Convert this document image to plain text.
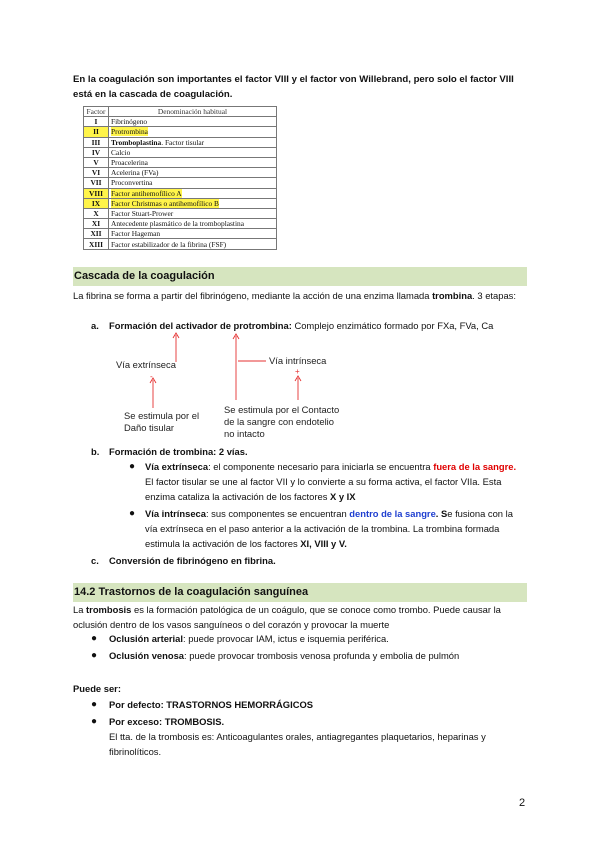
En la coagulación son importantes el factor VIII y el factor von Willebrand, pero solo el factor VIII está en la cascada de coagulación.
Factor	Denominación habitual
I	Fibrinógeno
II	Protrombina
III	Tromboplastina. Factor tisular
IV	Calcio
V	Proacelerina
VI	Acelerina (FVa)
VII	Proconvertina
VIII	Factor antihemofílico A
IX	Factor Christmas o antihemofílico B
X	Factor Stuart-Prower
XI	Antecedente plasmático de la tromboplastina
XII	Factor Hageman
XIII	Factor estabilizador de la fibrina (FSF)
Cascada de la coagulación
La fibrina se forma a partir del fibrinógeno, mediante la acción de una enzima llamada trombina. 3 etapas:
a. Formación del activador de protrombina: Complejo enzimático formado por FXa, FVa, Ca
Vía extrínseca
-
Vía intrínseca
+
Se estimula por el Daño tisular
Se estimula por el Contacto de la sangre con endotelio no intacto
b. Formación de trombina: 2 vías.
● Vía extrínseca: el componente necesario para iniciarla se encuentra fuera de la sangre. El factor tisular se une al factor VII y lo convierte a su forma activa, el factor VIIa. Esta enzima cataliza la activación de los factores X y IX
● Vía intrínseca: sus componentes se encuentran dentro de la sangre. Se fusiona con la vía extrínseca en el paso anterior a la activación de la trombina. La trombina formada estimula la activación de los factores XI, VIII y V.
c. Conversión de fibrinógeno en fibrina.
14.2 Trastornos de la coagulación sanguínea
La trombosis es la formación patológica de un coágulo, que se conoce como trombo. Puede causar la oclusión dentro de los vasos sanguíneos o del corazón y provocar la muerte
● Oclusión arterial: puede provocar IAM, ictus e isquemia periférica.
● Oclusión venosa: puede provocar trombosis venosa profunda y embolia de pulmón
Puede ser:
● Por defecto: TRASTORNOS HEMORRÁGICOS
● Por exceso: TROMBOSIS.
El tta. de la trombosis es: Anticoagulantes orales, antiagregantes plaquetarios, heparinas y fibrinolíticos.
2
